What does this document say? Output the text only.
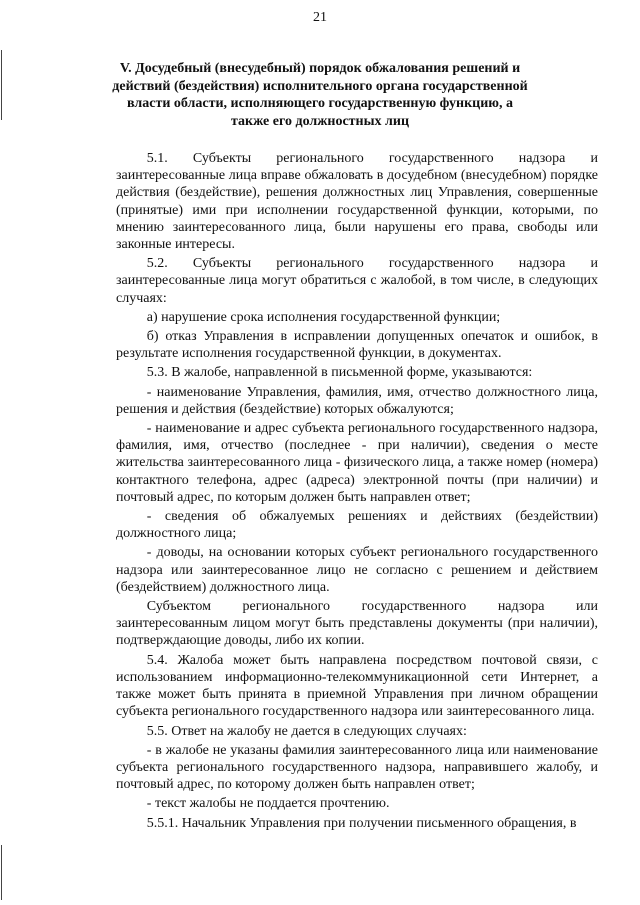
21
V. Досудебный (внесудебный) порядок обжалования решений и действий (бездействия) исполнительного органа государственной власти области, исполняющего государственную функцию, а также его должностных лиц

5.1. Субъекты регионального государственного надзора и заинтересованные лица вправе обжаловать в досудебном (внесудебном) порядке действия (бездействие), решения должностных лиц Управления, совершенные (принятые) ими при исполнении государственной функции, которыми, по мнению заинтересованного лица, были нарушены его права, свободы или законные интересы.

5.2. Субъекты регионального государственного надзора и заинтересованные лица могут обратиться с жалобой, в том числе, в следующих случаях:

а) нарушение срока исполнения государственной функции;

б) отказ Управления в исправлении допущенных опечаток и ошибок, в результате исполнения государственной функции, в документах.

5.3. В жалобе, направленной в письменной форме, указываются:

- наименование Управления, фамилия, имя, отчество должностного лица, решения и действия (бездействие) которых обжалуются;

- наименование и адрес субъекта регионального государственного надзора, фамилия, имя, отчество (последнее - при наличии), сведения о месте жительства заинтересованного лица - физического лица, а также номер (номера) контактного телефона, адрес (адреса) электронной почты (при наличии) и почтовый адрес, по которым должен быть направлен ответ;

- сведения об обжалуемых решениях и действиях (бездействии) должностного лица;

- доводы, на основании которых субъект регионального государственного надзора или заинтересованное лицо не согласно с решением и действием (бездействием) должностного лица.

Субъектом регионального государственного надзора или заинтересованным лицом могут быть представлены документы (при наличии), подтверждающие доводы, либо их копии.

5.4. Жалоба может быть направлена посредством почтовой связи, с использованием информационно-телекоммуникационной сети Интернет, а также может быть принята в приемной Управления при личном обращении субъекта регионального государственного надзора или заинтересованного лица.

5.5. Ответ на жалобу не дается в следующих случаях:

- в жалобе не указаны фамилия заинтересованного лица или наименование субъекта регионального государственного надзора, направившего жалобу, и почтовый адрес, по которому должен быть направлен ответ;

- текст жалобы не поддается прочтению.

5.5.1. Начальник Управления при получении письменного обращения, в
